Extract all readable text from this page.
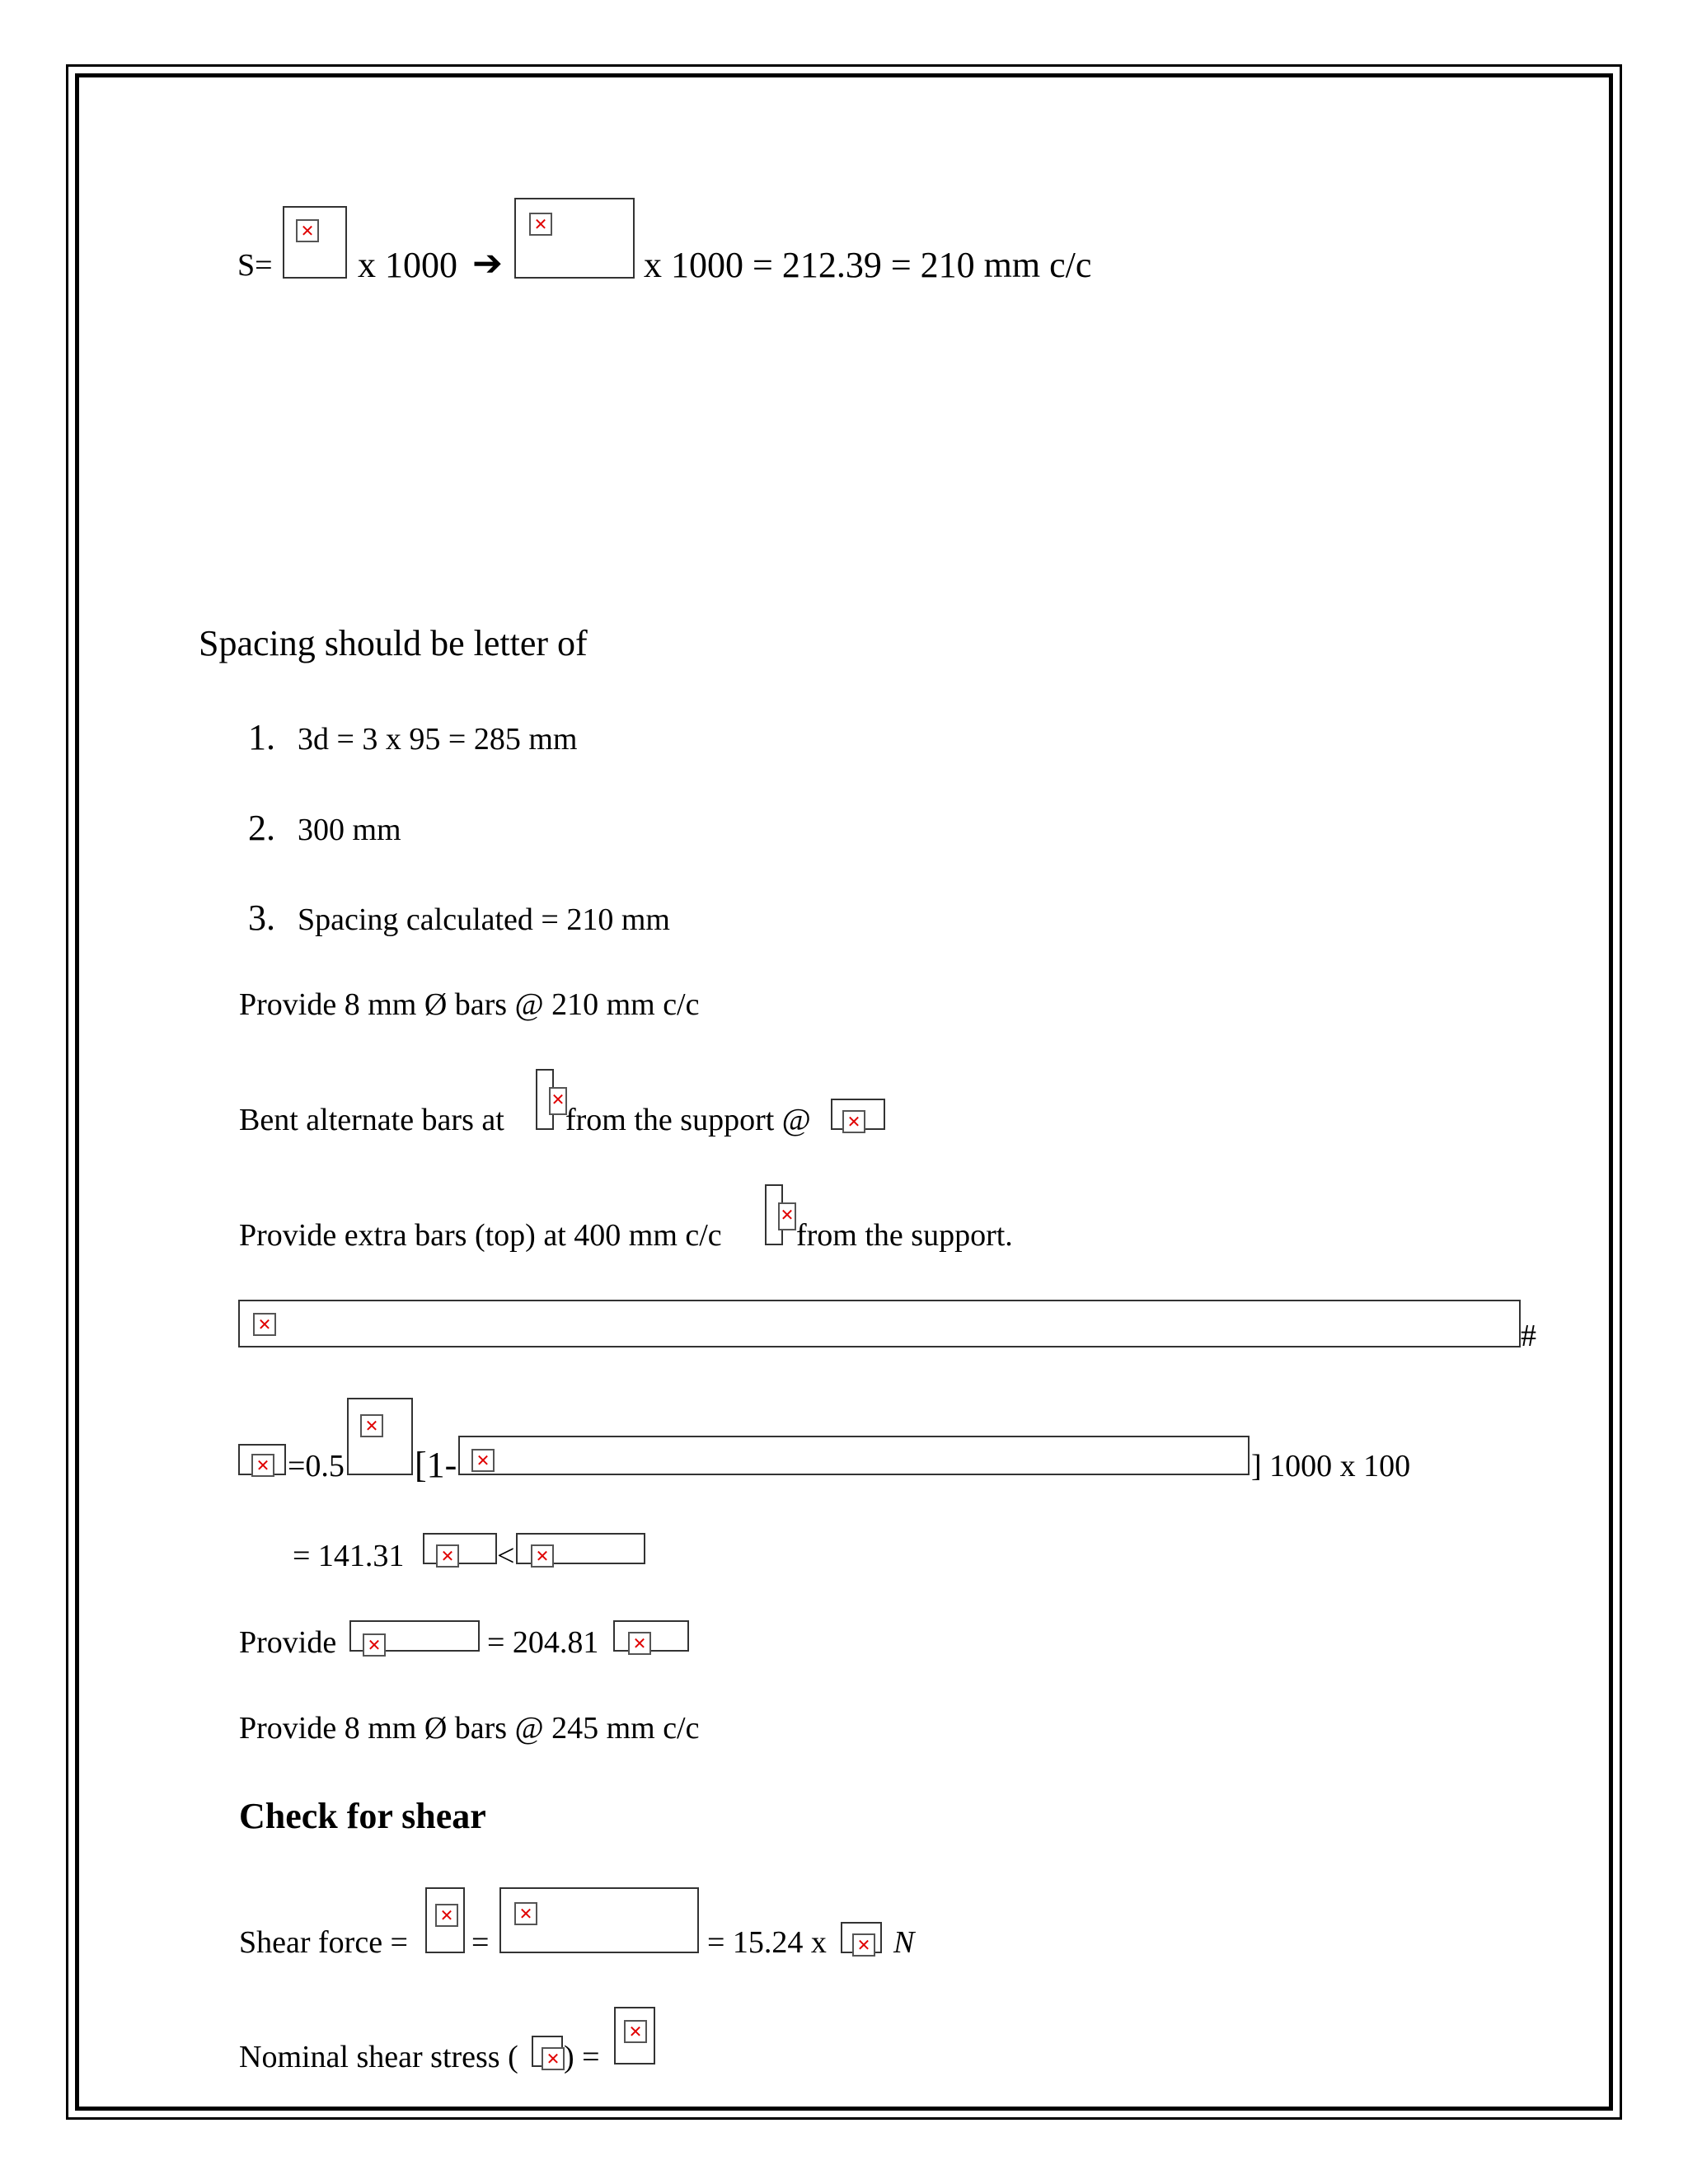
S=
✕
x 1000 ➔
✕
x 1000 = 212.39 = 210 mm c/c
Spacing should be letter of
1. 3d = 3 x 95 = 285 mm
2. 300 mm
3. Spacing calculated = 210 mm
Provide 8 mm Ø bars @ 210 mm c/c
Bent alternate bars at
✕
from the support @ ✕
Provide extra bars (top) at 400 mm c/c
✕
from the support.
✕	#
✕ =0.5
✕
[1- ✕	] 1000 x 100
= 141.31 ✕ < ✕
Provide ✕	= 204.81 ✕
Provide 8 mm Ø bars @ 245 mm c/c
Check for shear
Shear force =
✕
=
✕
= 15.24 x ✕ N
Nominal shear stress ( ✕ ) =
✕
